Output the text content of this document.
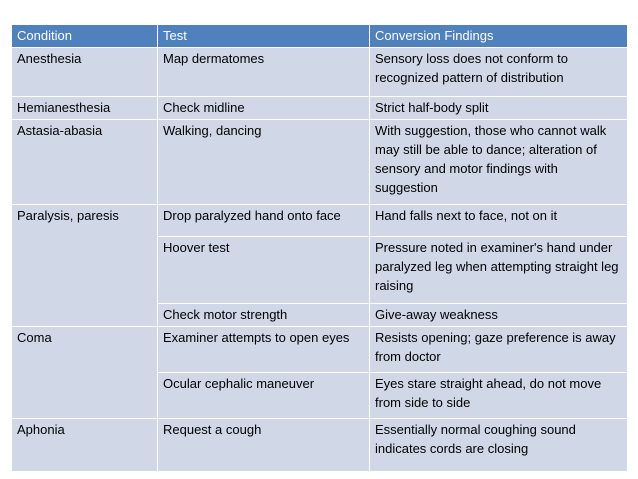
Condition	Test	Conversion Findings
Anesthesia	Map dermatomes	Sensory loss does not conform to recognized pattern of distribution
Hemianesthesia	Check midline	Strict half-body split
Astasia-abasia	Walking, dancing	With suggestion, those who cannot walk may still be able to dance; alteration of sensory and motor findings with suggestion
Paralysis, paresis	Drop paralyzed hand onto face	Hand falls next to face, not on it
	Hoover test	Pressure noted in examiner's hand under paralyzed leg when attempting straight leg raising
	Check motor strength	Give-away weakness
Coma	Examiner attempts to open eyes	Resists opening; gaze preference is away from doctor
	Ocular cephalic maneuver	Eyes stare straight ahead, do not move from side to side
Aphonia	Request a cough	Essentially normal coughing sound indicates cords are closing
